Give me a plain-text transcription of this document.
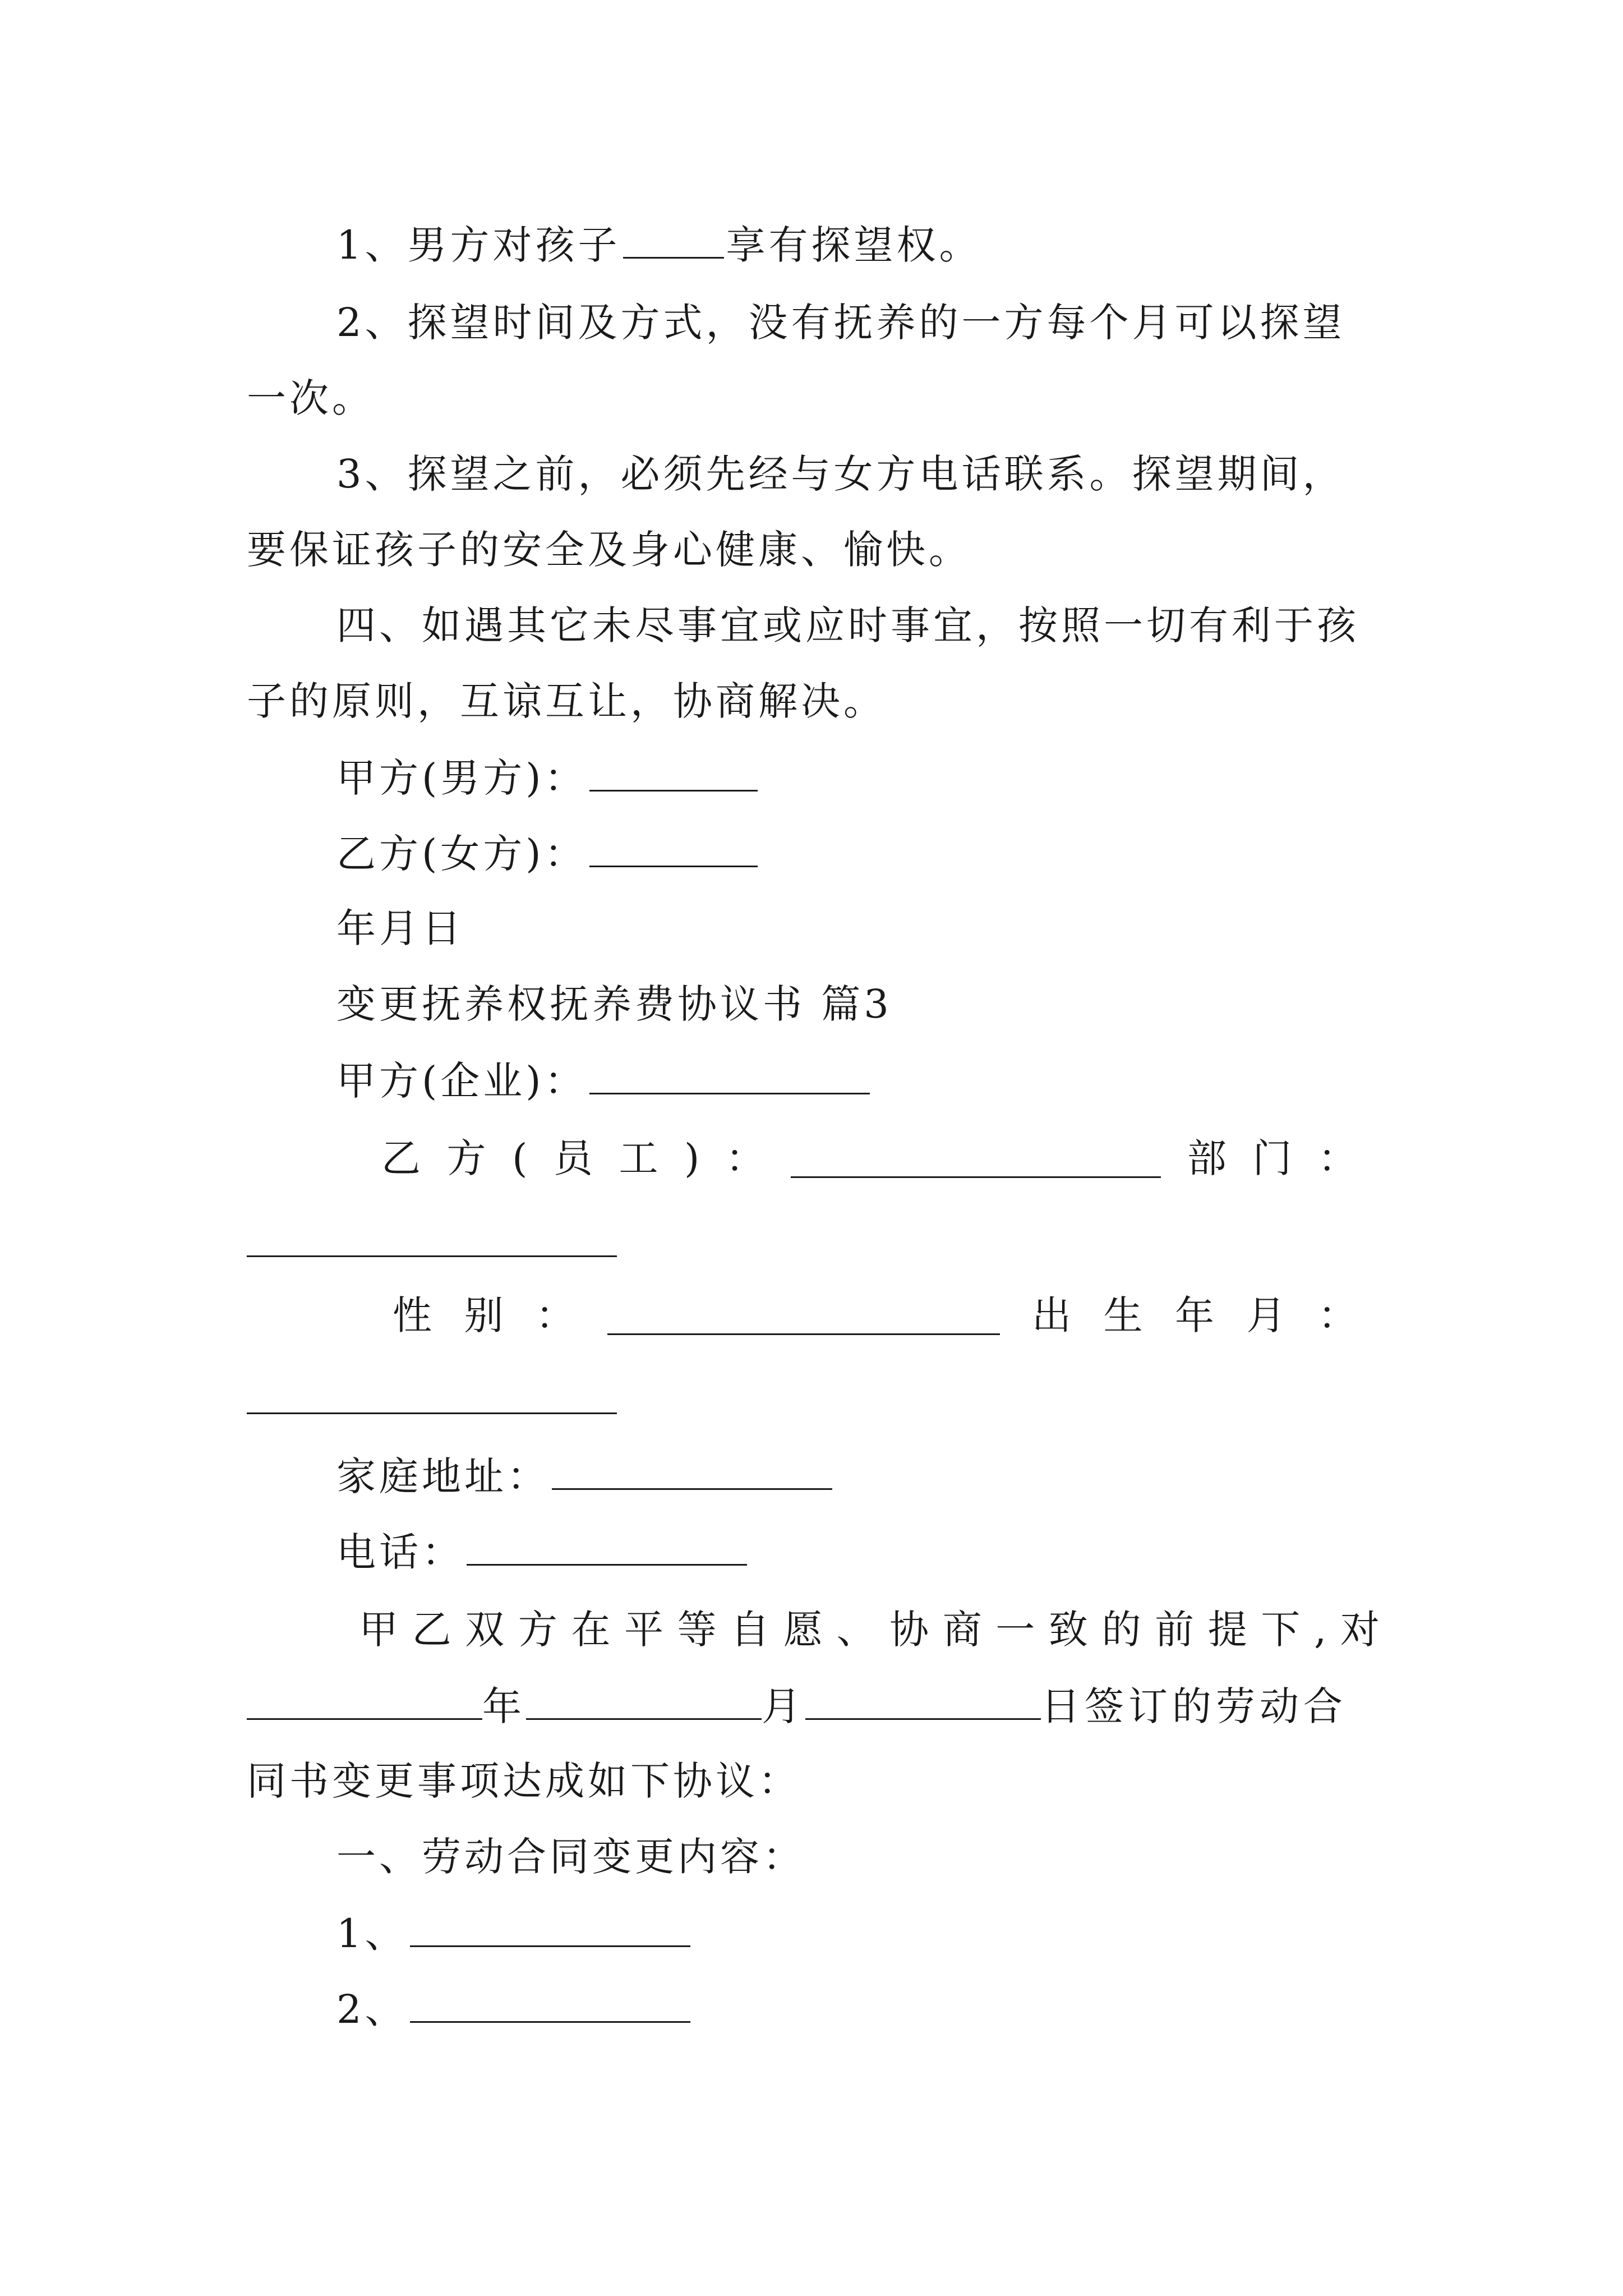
1、男方对孩子	享有探望权。
2、探望时间及方式，没有抚养的一方每个月可以探望
一次。
3、探望之前，必须先经与女方电话联系。探望期间，
要保证孩子的安全及身心健康、愉快。
四、如遇其它未尽事宜或应时事宜，按照一切有利于孩
子的原则，互谅互让，协商解决。
甲方(男方)：
乙方(女方)：
年月日
变更抚养权抚养费协议书 篇3
甲方(企业)：
乙 方 ( 员 工 ) ：	部 门 ：
性 别 ：	出 生 年 月 ：
家庭地址：
电话：
甲 乙 双 方 在 平 等 自 愿 、 协 商 一 致 的 前 提 下 , 对
年	月	日签订的劳动合
同书变更事项达成如下协议：
一、劳动合同变更内容：
1、
2、
